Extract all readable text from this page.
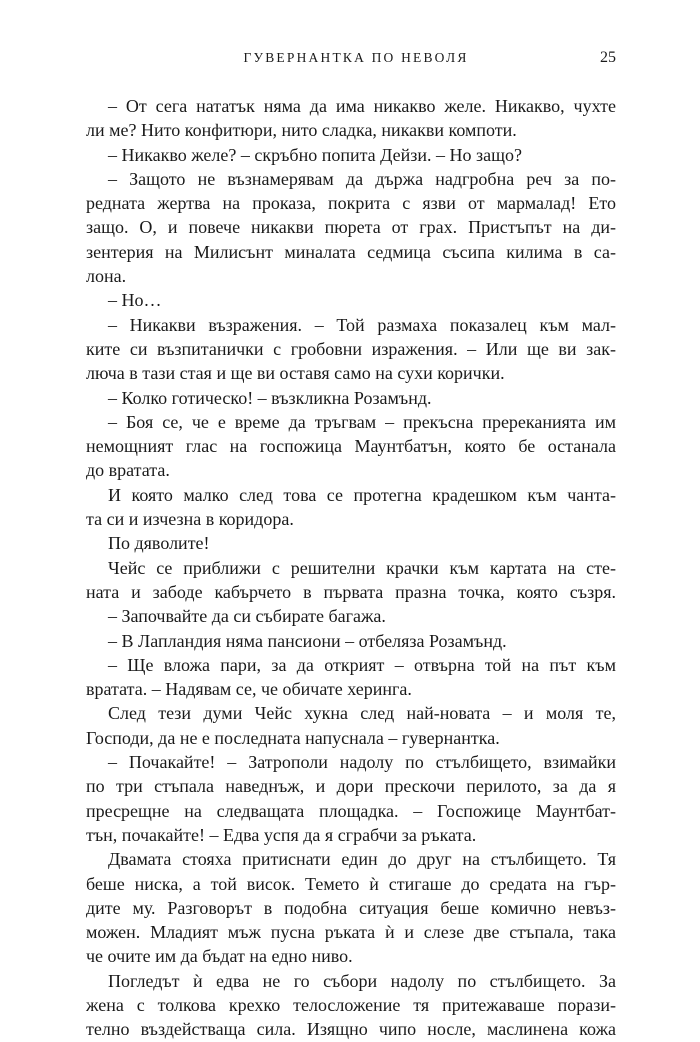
ГУВЕРНАНТКА ПО НЕВОЛЯ	25
– От сега нататък няма да има никакво желе. Никакво, чухте
ли ме? Нито конфитюри, нито сладка, никакви компоти.
– Никакво желе? – скръбно попита Дейзи. – Но защо?
– Защото не възнамерявам да държа надгробна реч за по-
редната жертва на проказа, покрита с язви от мармалад! Ето
защо. О, и повече никакви пюрета от грах. Пристъпът на ди-
зентерия на Милисънт миналата седмица съсипа килима в са-
лона.
– Но…
– Никакви възражения. – Той размаха показалец към мал-
ките си възпитанички с гробовни изражения. – Или ще ви зак-
люча в тази стая и ще ви оставя само на сухи корички.
– Колко готическо! – възкликна Розамънд.
– Боя се, че е време да тръгвам – прекъсна пререканията им
немощният глас на госпожица Маунтбатън, която бе останала
до вратата.
И която малко след това се протегна крадешком към чанта-
та си и изчезна в коридора.
По дяволите!
Чейс се приближи с решителни крачки към картата на сте-
ната и забоде кабърчето в първата празна точка, която съзря.
– Започвайте да си събирате багажа.
– В Лапландия няма пансиони – отбеляза Розамънд.
– Ще вложа пари, за да открият – отвърна той на път към
вратата. – Надявам се, че обичате херинга.
След тези думи Чейс хукна след най-новата – и моля те,
Господи, да не е последната напуснала – гувернантка.
– Почакайте! – Затрополи надолу по стълбището, взимайки
по три стъпала наведнъж, и дори прескочи перилото, за да я
пресрещне на следващата площадка. – Госпожице Маунтбат-
тън, почакайте! – Едва успя да я сграбчи за ръката.
Двамата стояха притиснати един до друг на стълбището. Тя
беше ниска, а той висок. Темето ѝ стигаше до средата на гър-
дите му. Разговорът в подобна ситуация беше комично невъз-
можен. Младият мъж пусна ръката ѝ и слезе две стъпала, така
че очите им да бъдат на едно ниво.
Погледът ѝ едва не го събори надолу по стълбището. За
жена с толкова крехко телосложение тя притежаваше порази-
телно въздействаща сила. Изящно чипо носле, маслинена кожа
